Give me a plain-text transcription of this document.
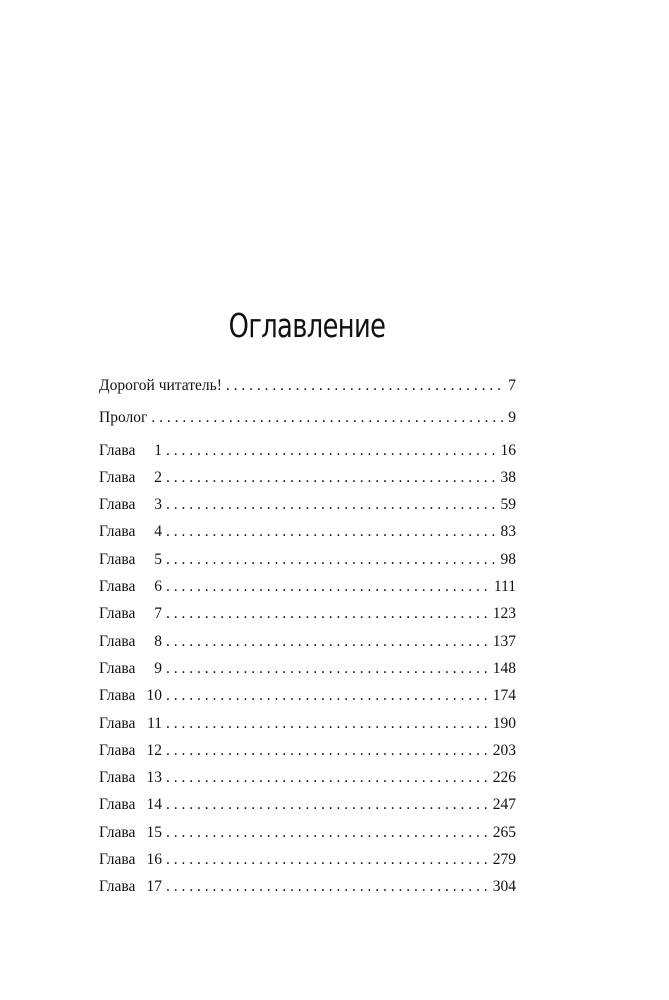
Оглавление
Дорогой читатель! . . .	7
Пролог . . .	9
Глава	1 . . .	16
Глава	2 . . .	38
Глава	3 . . .	59
Глава	4 . . .	83
Глава	5 . . .	98
Глава	6 . . .	111
Глава	7 . . .	123
Глава	8 . . .	137
Глава	9 . . .	148
Глава 10 . . .	174
Глава 11 . . .	190
Глава 12 . . .	203
Глава 13 . . .	226
Глава 14 . . .	247
Глава 15 . . .	265
Глава 16 . . .	279
Глава 17 . . .	304
